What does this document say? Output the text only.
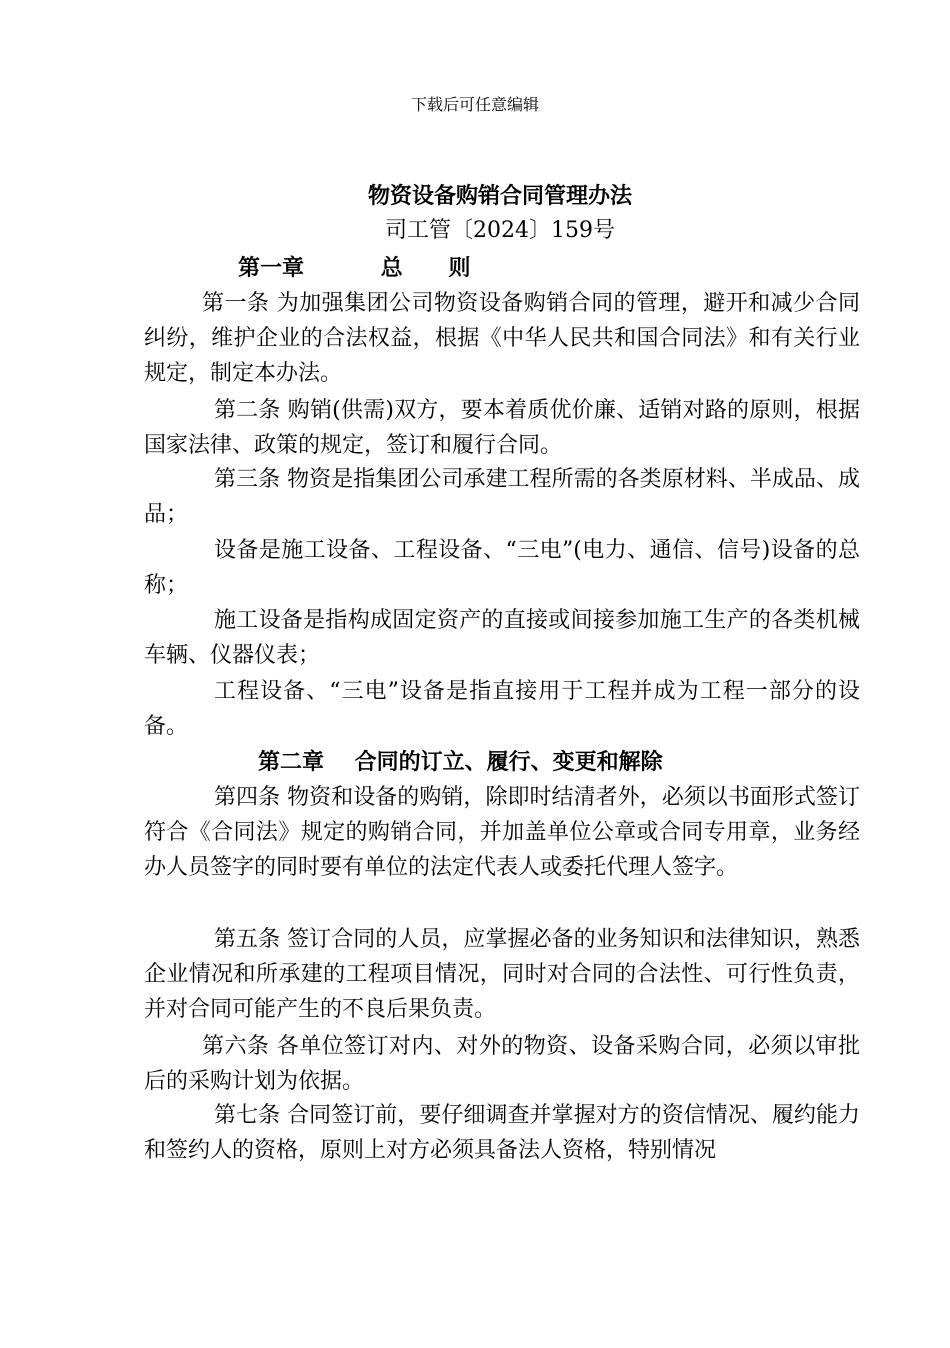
下载后可任意编辑
物资设备购销合同管理办法
司工管〔2024〕159号
第一章          总      则

第一条 为加强集团公司物资设备购销合同的管理，避开和减少合同纠纷，维护企业的合法权益，根据《中华人民共和国合同法》和有关行业规定，制定本办法。

第二条 购销(供需)双方，要本着质优价廉、适销对路的原则，根据国家法律、政策的规定，签订和履行合同。

第三条 物资是指集团公司承建工程所需的各类原材料、半成品、成品；

设备是施工设备、工程设备、“三电”(电力、通信、信号)设备的总称；

施工设备是指构成固定资产的直接或间接参加施工生产的各类机械车辆、仪器仪表；

工程设备、“三电”设备是指直接用于工程并成为工程一部分的设备。

第二章    合同的订立、履行、变更和解除

第四条 物资和设备的购销，除即时结清者外，必须以书面形式签订符合《合同法》规定的购销合同，并加盖单位公章或合同专用章，业务经办人员签字的同时要有单位的法定代表人或委托代理人签字。

第五条 签订合同的人员，应掌握必备的业务知识和法律知识，熟悉企业情况和所承建的工程项目情况，同时对合同的合法性、可行性负责，并对合同可能产生的不良后果负责。

第六条 各单位签订对内、对外的物资、设备采购合同，必须以审批后的采购计划为依据。

第七条 合同签订前，要仔细调查并掌握对方的资信情况、履约能力和签约人的资格，原则上对方必须具备法人资格，特别情况
